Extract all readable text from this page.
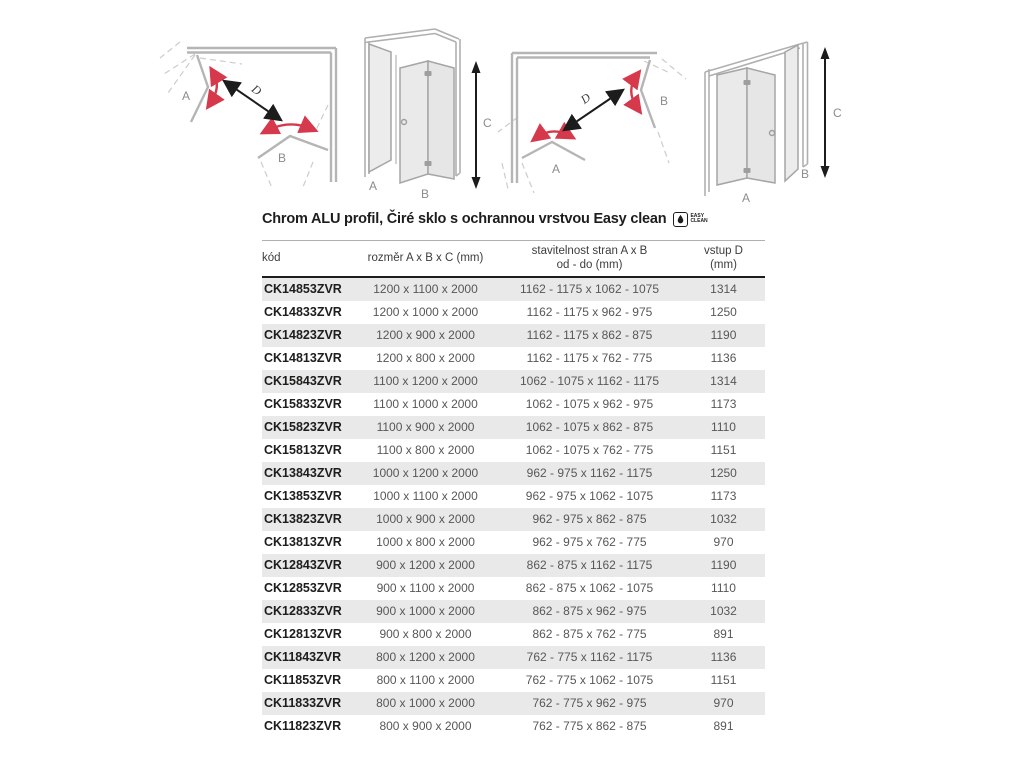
A
B
D
A
B
C
B
A
D
A
B
C
Chrom ALU profil, Čiré sklo s ochrannou vrstvou Easy clean	EASY
CLEAN
kód	rozměr A x B x C (mm)	stavitelnost stran A x B
od - do (mm)	vstup D
(mm)

CK14853ZVR	1200 x 1100 x 2000	1162 - 1175 x 1062 - 1075	1314
CK14833ZVR	1200 x 1000 x 2000	1162 - 1175 x 962 - 975	1250
CK14823ZVR	1200 x 900 x 2000	1162 - 1175 x 862 - 875	1190
CK14813ZVR	1200 x 800 x 2000	1162 - 1175 x 762 - 775	1136
CK15843ZVR	1100 x 1200 x 2000	1062 - 1075 x 1162 - 1175	1314
CK15833ZVR	1100 x 1000 x 2000	1062 - 1075 x 962 - 975	1173
CK15823ZVR	1100 x 900 x 2000	1062 - 1075 x 862 - 875	1110
CK15813ZVR	1100 x 800 x 2000	1062 - 1075 x 762 - 775	1151
CK13843ZVR	1000 x 1200 x 2000	962 - 975 x 1162 - 1175	1250
CK13853ZVR	1000 x 1100 x 2000	962 - 975 x 1062 - 1075	1173
CK13823ZVR	1000 x 900 x 2000	962 - 975 x 862 - 875	1032
CK13813ZVR	1000 x 800 x 2000	962 - 975 x 762 - 775	970
CK12843ZVR	900 x 1200 x 2000	862 - 875 x 1162 - 1175	1190
CK12853ZVR	900 x 1100 x 2000	862 - 875 x 1062 - 1075	1110
CK12833ZVR	900 x 1000 x 2000	862 - 875 x 962 - 975	1032
CK12813ZVR	900 x 800 x 2000	862 - 875 x 762 - 775	891
CK11843ZVR	800 x 1200 x 2000	762 - 775 x 1162 - 1175	1136
CK11853ZVR	800 x 1100 x 2000	762 - 775 x 1062 - 1075	1151
CK11833ZVR	800 x 1000 x 2000	762 - 775 x 962 - 975	970
CK11823ZVR	800 x 900 x 2000	762 - 775 x 862 - 875	891
